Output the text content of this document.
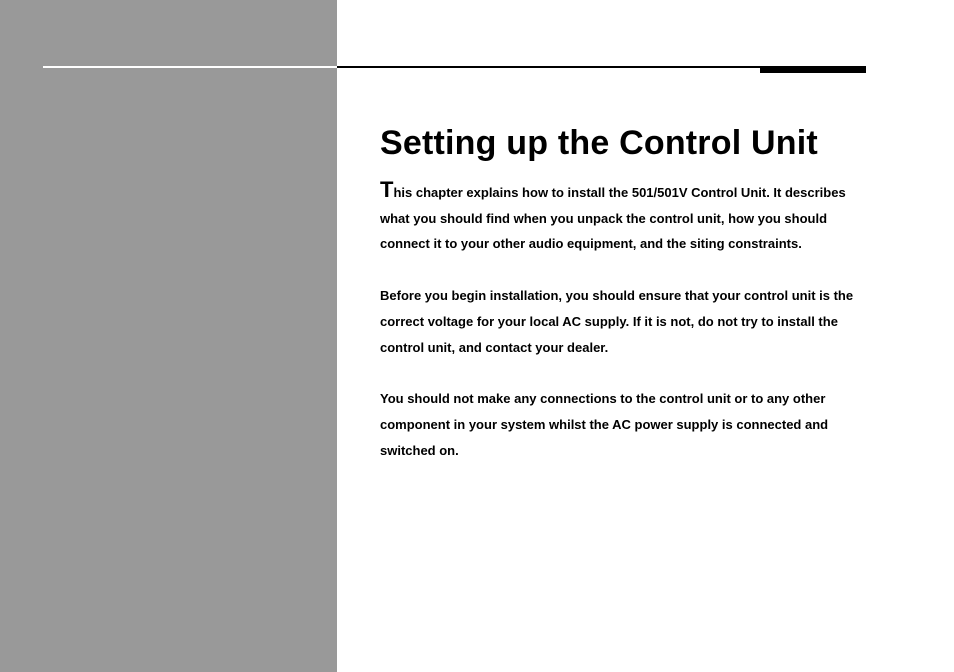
Setting up the Control Unit

This chapter explains how to install the 501/501V Control Unit. It describes what you should find when you unpack the control unit, how you should connect it to your other audio equipment, and the siting constraints.

Before you begin installation, you should ensure that your control unit is the correct voltage for your local AC supply. If it is not, do not try to install the control unit, and contact your dealer.

You should not make any connections to the control unit or to any other component in your system whilst the AC power supply is connected and switched on.
